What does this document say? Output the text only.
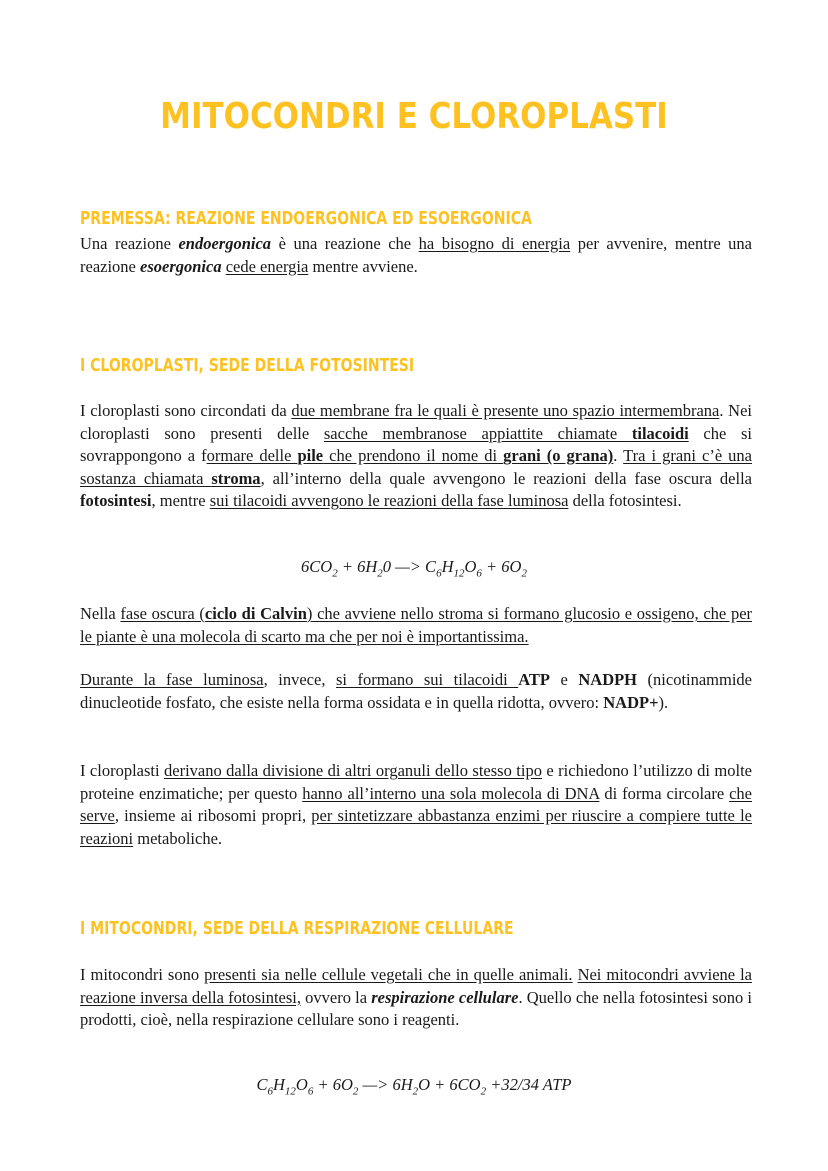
MITOCONDRI E CLOROPLASTI
PREMESSA: REAZIONE ENDOERGONICA ED ESOERGONICA

Una reazione endoergonica è una reazione che ha bisogno di energia per avvenire, mentre una reazione esoergonica cede energia mentre avviene.

I CLOROPLASTI, SEDE DELLA FOTOSINTESI

I cloroplasti sono circondati da due membrane fra le quali è presente uno spazio intermembrana. Nei cloroplasti sono presenti delle sacche membranose appiattite chiamate tilacoidi che si sovrappongono a formare delle pile che prendono il nome di grani (o grana). Tra i grani c’è una sostanza chiamata stroma, all’interno della quale avvengono le reazioni della fase oscura della fotosintesi, mentre sui tilacoidi avvengono le reazioni della fase luminosa della fotosintesi.

$6CO_2 + 6H_20$ —> $C_6H_{12}O_6 + 6O_2$

Nella fase oscura (ciclo di Calvin) che avviene nello stroma si formano glucosio e ossigeno, che per le piante è una molecola di scarto ma che per noi è importantissima.

Durante la fase luminosa, invece, si formano sui tilacoidi ATP e NADPH (nicotinammide dinucleotide fosfato, che esiste nella forma ossidata e in quella ridotta, ovvero: NADP+).

I cloroplasti derivano dalla divisione di altri organuli dello stesso tipo e richiedono l’utilizzo di molte proteine enzimatiche; per questo hanno all’interno una sola molecola di DNA di forma circolare che serve, insieme ai ribosomi propri, per sintetizzare abbastanza enzimi per riuscire a compiere tutte le reazioni metaboliche.

I MITOCONDRI, SEDE DELLA RESPIRAZIONE CELLULARE

I mitocondri sono presenti sia nelle cellule vegetali che in quelle animali. Nei mitocondri avviene la reazione inversa della fotosintesi, ovvero la respirazione cellulare. Quello che nella fotosintesi sono i prodotti, cioè, nella respirazione cellulare sono i reagenti.

$C_6H_{12}O_6 + 6O_2$ —> $6H_2O + 6CO_2 +32/34$ ATP
